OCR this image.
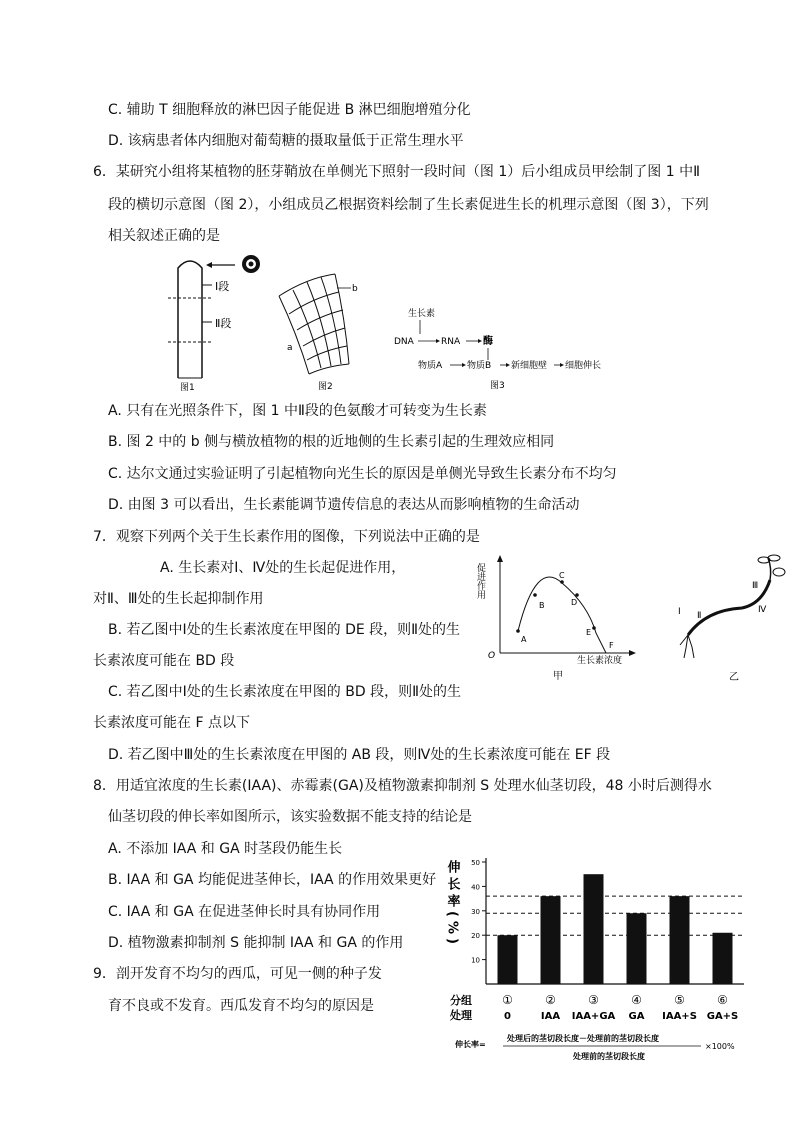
C. 辅助 T 细胞释放的淋巴因子能促进 B 淋巴细胞增殖分化
D. 该病患者体内细胞对葡萄糖的摄取量低于正常生理水平
6．某研究小组将某植物的胚芽鞘放在单侧光下照射一段时间（图 1）后小组成员甲绘制了图 1 中Ⅱ
段的横切示意图（图 2），小组成员乙根据资料绘制了生长素促进生长的机理示意图（图 3），下列
相关叙述正确的是
Ⅰ段
Ⅱ段
图1
b
a
图2
生长素
DNA	RNA 酶
物质A	物质B 新细胞壁 细胞伸长
图3
A. 只有在光照条件下，图 1 中Ⅱ段的色氨酸才可转变为生长素
B. 图 2 中的 b 侧与横放植物的根的近地侧的生长素引起的生理效应相同
C. 达尔文通过实验证明了引起植物向光生长的原因是单侧光导致生长素分布不均匀
D. 由图 3 可以看出，生长素能调节遗传信息的表达从而影响植物的生命活动
7．观察下列两个关于生长素作用的图像，下列说法中正确的是
A. 生长素对Ⅰ、Ⅳ处的生长起促进作用，
对Ⅱ、Ⅲ处的生长起抑制作用
B. 若乙图中Ⅰ处的生长素浓度在甲图的 DE 段，则Ⅱ处的生
长素浓度可能在 BD 段
C. 若乙图中Ⅰ处的生长素浓度在甲图的 BD 段，则Ⅱ处的生
长素浓度可能在 F 点以下
D. 若乙图中Ⅲ处的生长素浓度在甲图的 AB 段，则Ⅳ处的生长素浓度可能在 EF 段
促进作用
生长素浓度
O
A
B
C
D
E
F
甲
Ⅰ Ⅱ
Ⅲ
Ⅳ
乙
8．用适宜浓度的生长素(IAA)、赤霉素(GA)及植物激素抑制剂 S 处理水仙茎切段，48 小时后测得水
仙茎切段的伸长率如图所示，该实验数据不能支持的结论是
A. 不添加 IAA 和 GA 时茎段仍能生长
B. IAA 和 GA 均能促进茎伸长，IAA 的作用效果更好
C. IAA 和 GA 在促进茎伸长时具有协同作用
D. 植物激素抑制剂 S 能抑制 IAA 和 GA 的作用
9．剖开发育不均匀的西瓜，可见一侧的种子发
育不良或不发育。西瓜发育不均匀的原因是
伸长率(%)
10
20
30
40
50
分组
处理
①
0
②
IAA
③
IAA+GA
④
GA
⑤
IAA+S
⑥
GA+S
伸长率=
处理后的茎切段长度－处理前的茎切段长度
处理前的茎切段长度
×100%
